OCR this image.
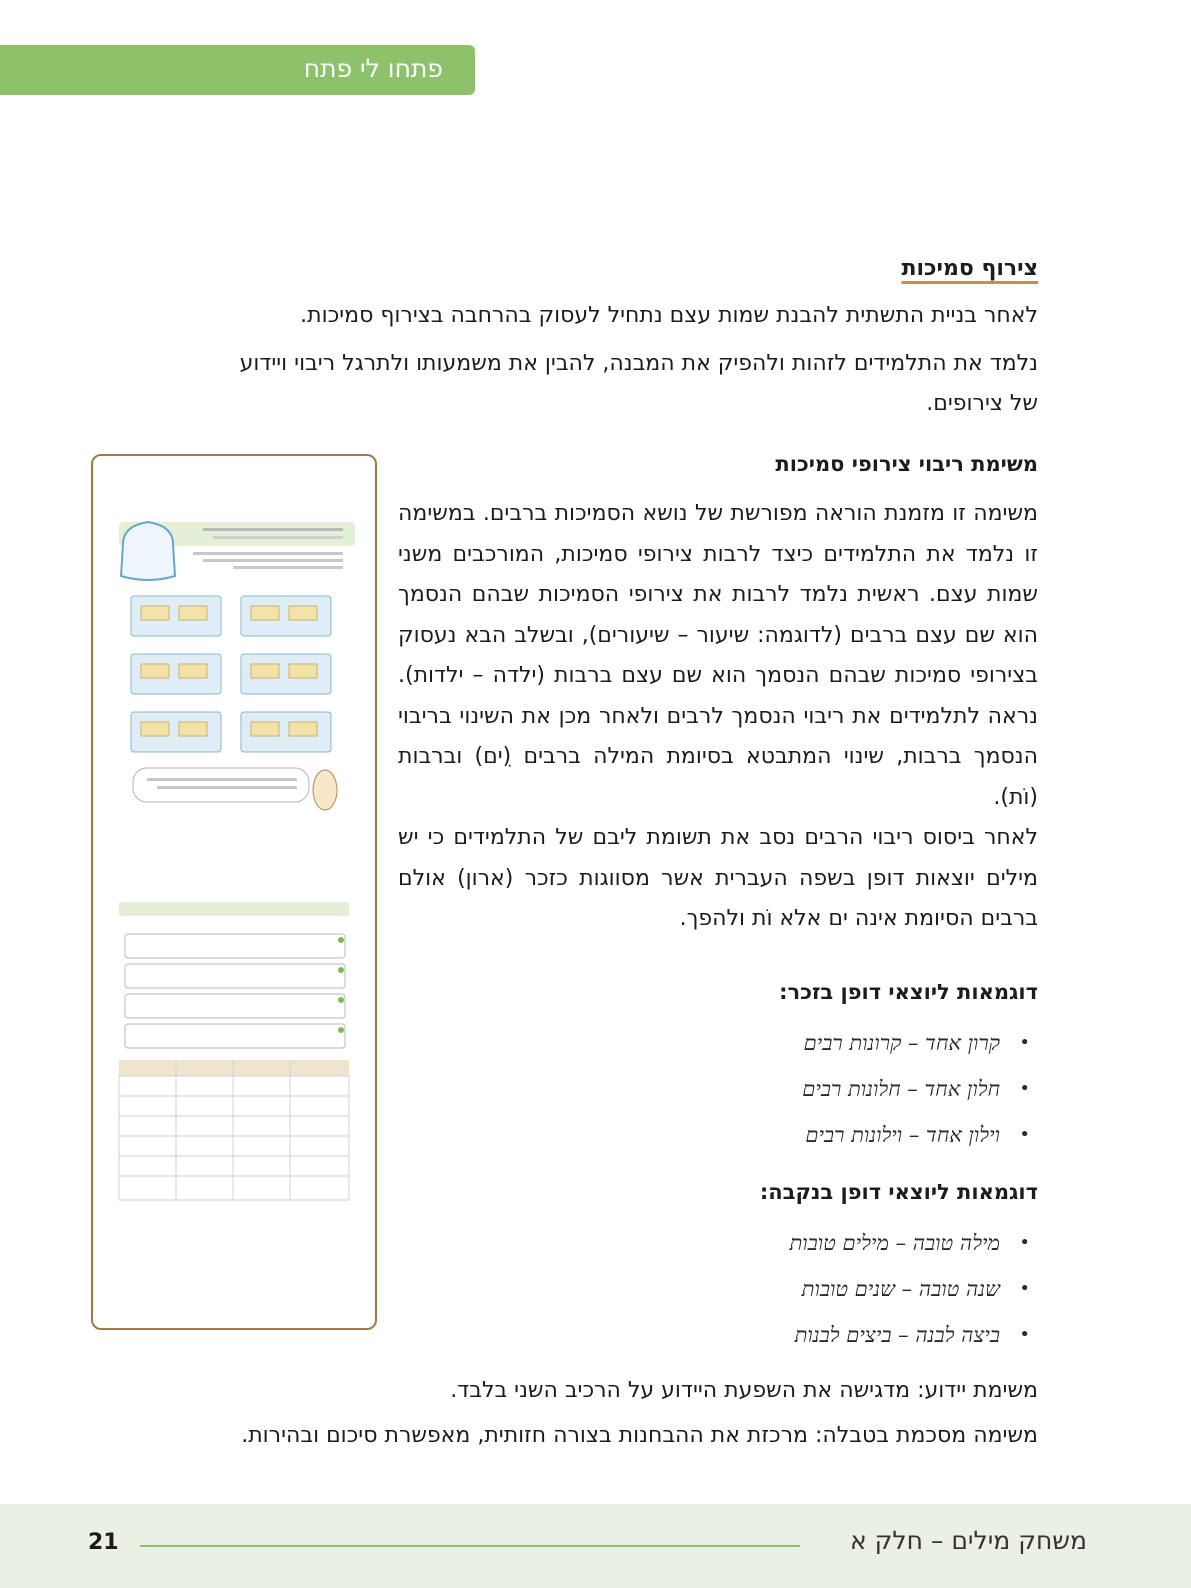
פתחו לי פתח
צירוף סמיכות
לאחר בניית התשתית להבנת שמות עצם נתחיל לעסוק בהרחבה בצירוף סמיכות.
נלמד את התלמידים לזהות ולהפיק את המבנה, להבין את משמעותו ולתרגל ריבוי ויידוע
של צירופים.
משימת ריבוי צירופי סמיכות
משימה זו מזמנת הוראה מפורשת של נושא הסמיכות ברבים. במשימה זו נלמד את התלמידים כיצד לרבות צירופי סמיכות, המורכבים משני שמות עצם. ראשית נלמד לרבות את צירופי הסמיכות שבהם הנסמך הוא שם עצם ברבים (לדוגמה: שיעור – שיעורים), ובשלב הבא נעסוק בצירופי סמיכות שבהם הנסמך הוא שם עצם ברבות (ילדה – ילדות). נראה לתלמידים את ריבוי הנסמך לרבים ולאחר מכן את השינוי בריבוי הנסמך ברבות, שינוי המתבטא בסיומת המילה ברבים (ִים) וברבות (וֹת).
לאחר ביסוס ריבוי הרבים נסב את תשומת ליבם של התלמידים כי יש מילים יוצאות דופן בשפה העברית אשר מסווגות כזכר (ארון) אולם ברבים הסיומת אינה ים אלא וֹת ולהפך.
דוגמאות ליוצאי דופן בזכר:
•
קרון אחד – קרונות רבים
•
חלון אחד – חלונות רבים
•
וילון אחד – וילונות רבים
דוגמאות ליוצאי דופן בנקבה:
•
מילה טובה – מילים טובות
•
שנה טובה – שנים טובות
•
ביצה לבנה – ביצים לבנות
משימת יידוע: מדגישה את השפעת היידוע על הרכיב השני בלבד.
משימה מסכמת בטבלה: מרכזת את ההבחנות בצורה חזותית, מאפשרת סיכום ובהירות.
21	משחק מילים – חלק א
